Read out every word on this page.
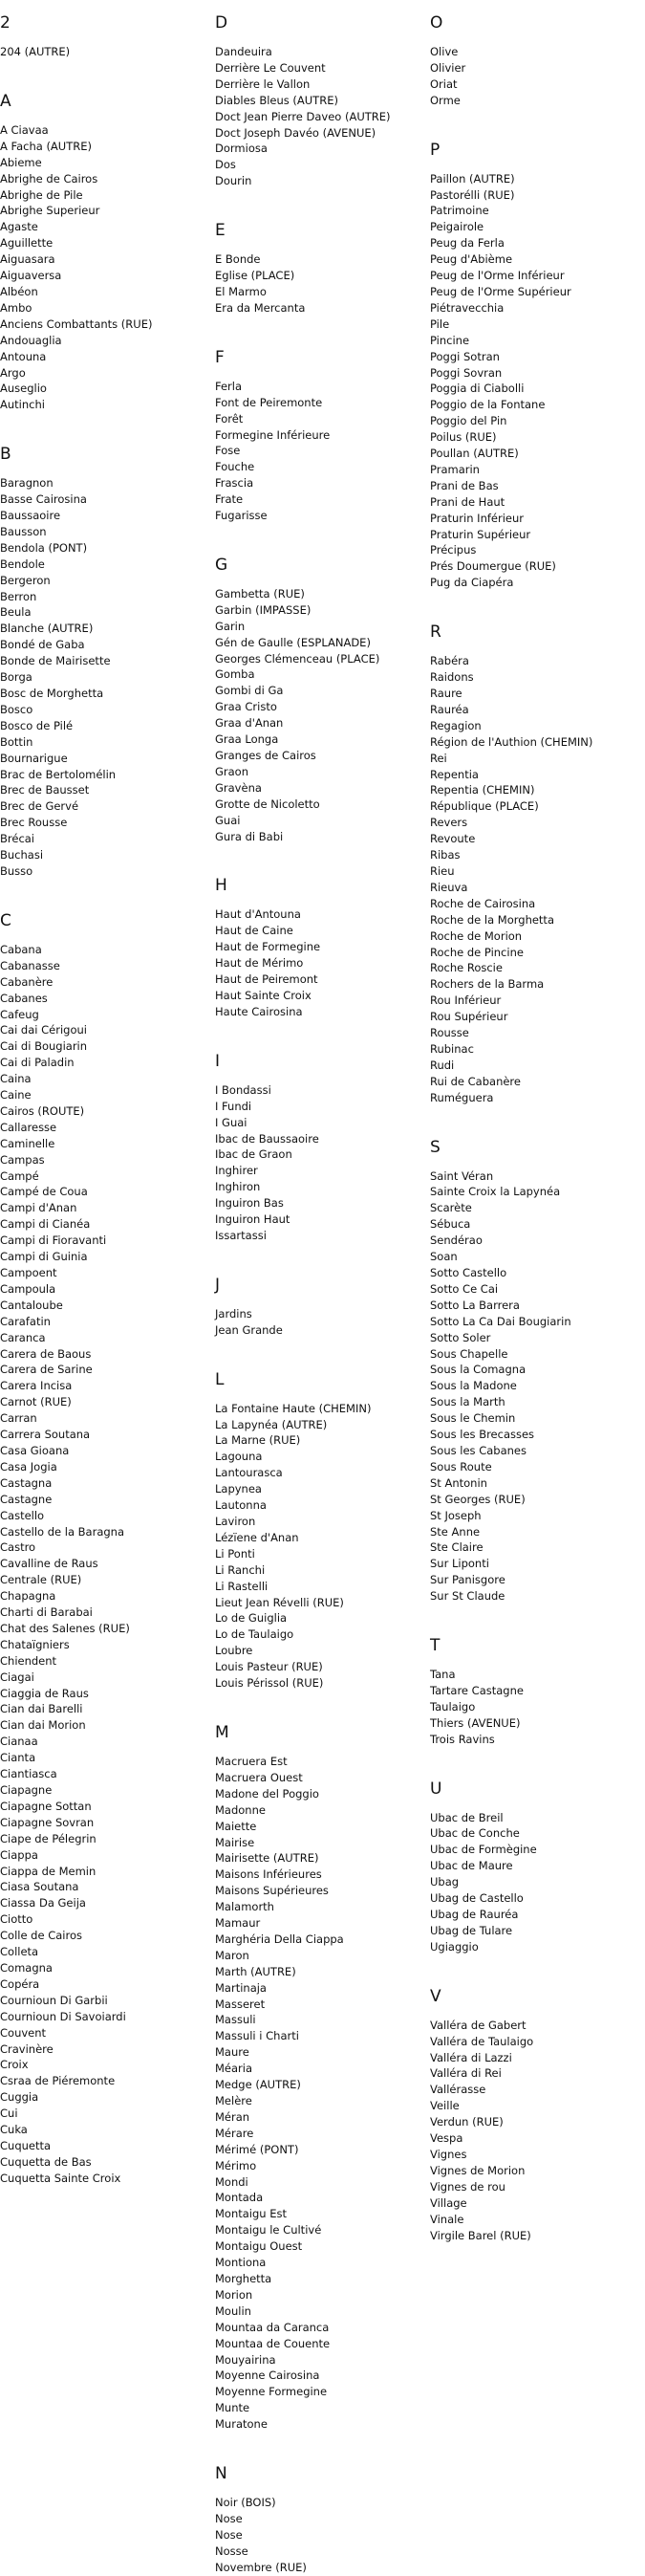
2
204 (AUTRE)
A
A Ciavaa
A Facha (AUTRE)
Abieme
Abrighe de Cairos
Abrighe de Pile
Abrighe Superieur
Agaste
Aguillette
Aiguasara
Aiguaversa
Albéon
Ambo
Anciens Combattants (RUE)
Andouaglia
Antouna
Argo
Auseglio
Autinchi
B
Baragnon
Basse Cairosina
Baussaoire
Bausson
Bendola (PONT)
Bendole
Bergeron
Berron
Beula
Blanche (AUTRE)
Bondé de Gaba
Bonde de Mairisette
Borga
Bosc de Morghetta
Bosco
Bosco de Pilé
Bottin
Bournarigue
Brac de Bertolomélin
Brec de Bausset
Brec de Gervé
Brec Rousse
Brécai
Buchasi
Busso
C
Cabana
Cabanasse
Cabanère
Cabanes
Cafeug
Cai dai Cérigoui
Cai di Bougiarin
Cai di Paladin
Caina
Caine
Cairos (ROUTE)
Callaresse
Caminelle
Campas
Campé
Campé de Coua
Campi d'Anan
Campi di Cianéa
Campi di Fioravanti
Campi di Guinia
Campoent
Campoula
Cantaloube
Carafatin
Caranca
Carera de Baous
Carera de Sarine
Carera Incisa
Carnot (RUE)
Carran
Carrera Soutana
Casa Gioana
Casa Jogia
Castagna
Castagne
Castello
Castello de la Baragna
Castro
Cavalline de Raus
Centrale (RUE)
Chapagna
Charti di Barabai
Chat des Salenes (RUE)
Chataïgniers
Chiendent
Ciagai
Ciaggia de Raus
Cian dai Barelli
Cian dai Morion
Cianaa
Cianta
Ciantiasca
Ciapagne
Ciapagne Sottan
Ciapagne Sovran
Ciape de Pélegrin
Ciappa
Ciappa de Memin
Ciasa Soutana
Ciassa Da Geija
Ciotto
Colle de Cairos
Colleta
Comagna
Copéra
Cournioun Di Garbii
Cournioun Di Savoiardi
Couvent
Cravinère
Croix
Csraa de Piéremonte
Cuggia
Cui
Cuka
Cuquetta
Cuquetta de Bas
Cuquetta Sainte Croix
D
Dandeuira
Derrière Le Couvent
Derrière le Vallon
Diables Bleus (AUTRE)
Doct Jean Pierre Daveo (AUTRE)
Doct Joseph Davéo (AVENUE)
Dormiosa
Dos
Dourin
E
E Bonde
Eglise (PLACE)
El Marmo
Era da Mercanta
F
Ferla
Font de Peiremonte
Forêt
Formegine Inférieure
Fose
Fouche
Frascia
Frate
Fugarisse
G
Gambetta (RUE)
Garbin (IMPASSE)
Garin
Gén de Gaulle (ESPLANADE)
Georges Clémenceau (PLACE)
Gomba
Gombi di Ga
Graa Cristo
Graa d'Anan
Graa Longa
Granges de Cairos
Graon
Gravèna
Grotte de Nicoletto
Guai
Gura di Babi
H
Haut d'Antouna
Haut de Caine
Haut de Formegine
Haut de Mérimo
Haut de Peiremont
Haut Sainte Croix
Haute Cairosina
I
I Bondassi
I Fundi
I Guai
Ibac de Baussaoire
Ibac de Graon
Inghirer
Inghiron
Inguiron Bas
Inguiron Haut
Issartassi
J
Jardins
Jean Grande
L
La Fontaine Haute (CHEMIN)
La Lapynéa (AUTRE)
La Marne (RUE)
Lagouna
Lantourasca
Lapynea
Lautonna
Laviron
Lézïene d'Anan
Li Ponti
Li Ranchi
Li Rastelli
Lieut Jean Révelli (RUE)
Lo de Guiglia
Lo de Taulaigo
Loubre
Louis Pasteur (RUE)
Louis Périssol (RUE)
M
Macruera Est
Macruera Ouest
Madone del Poggio
Madonne
Maiette
Mairise
Mairisette (AUTRE)
Maisons Inférieures
Maisons Supérieures
Malamorth
Mamaur
Marghéria Della Ciappa
Maron
Marth (AUTRE)
Martinaja
Masseret
Massuli
Massuli i Charti
Maure
Méaria
Medge (AUTRE)
Melère
Méran
Mérare
Mérimé (PONT)
Mérimo
Mondi
Montada
Montaigu Est
Montaigu le Cultivé
Montaigu Ouest
Montiona
Morghetta
Morion
Moulin
Mountaa da Caranca
Mountaa de Couente
Mouyairina
Moyenne Cairosina
Moyenne Formegine
Munte
Muratone
N
Noir (BOIS)
Nose
Nose
Nosse
Novembre (RUE)
O
Olive
Olivier
Oriat
Orme
P
Paillon (AUTRE)
Pastorélli (RUE)
Patrimoine
Peigairole
Peug da Ferla
Peug d'Abième
Peug de l'Orme Inférieur
Peug de l'Orme Supérieur
Piétravecchia
Pile
Pincine
Poggi Sotran
Poggi Sovran
Poggia di Ciabolli
Poggio de la Fontane
Poggio del Pin
Poilus (RUE)
Poullan (AUTRE)
Pramarin
Prani de Bas
Prani de Haut
Praturin Inférieur
Praturin Supérieur
Précipus
Prés Doumergue (RUE)
Pug da Ciapéra
R
Rabéra
Raidons
Raure
Rauréa
Regagion
Région de l'Authion (CHEMIN)
Rei
Repentia
Repentia (CHEMIN)
République (PLACE)
Revers
Revoute
Ribas
Rieu
Rieuva
Roche de Cairosina
Roche de la Morghetta
Roche de Morion
Roche de Pincine
Roche Roscie
Rochers de la Barma
Rou Inférieur
Rou Supérieur
Rousse
Rubinac
Rudi
Rui de Cabanère
Ruméguera
S
Saint Véran
Sainte Croix la Lapynéa
Scarète
Sébuca
Sendérao
Soan
Sotto Castello
Sotto Ce Cai
Sotto La Barrera
Sotto La Ca Dai Bougiarin
Sotto Soler
Sous Chapelle
Sous la Comagna
Sous la Madone
Sous la Marth
Sous le Chemin
Sous les Brecasses
Sous les Cabanes
Sous Route
St Antonin
St Georges (RUE)
St Joseph
Ste Anne
Ste Claire
Sur Liponti
Sur Panisgore
Sur St Claude
T
Tana
Tartare Castagne
Taulaigo
Thiers (AVENUE)
Trois Ravins
U
Ubac de Breil
Ubac de Conche
Ubac de Formègine
Ubac de Maure
Ubag
Ubag de Castello
Ubag de Rauréa
Ubag de Tulare
Ugiaggio
V
Valléra de Gabert
Valléra de Taulaigo
Valléra di Lazzi
Valléra di Rei
Vallérasse
Veille
Verdun (RUE)
Vespa
Vignes
Vignes de Morion
Vignes de rou
Village
Vinale
Virgile Barel (RUE)
